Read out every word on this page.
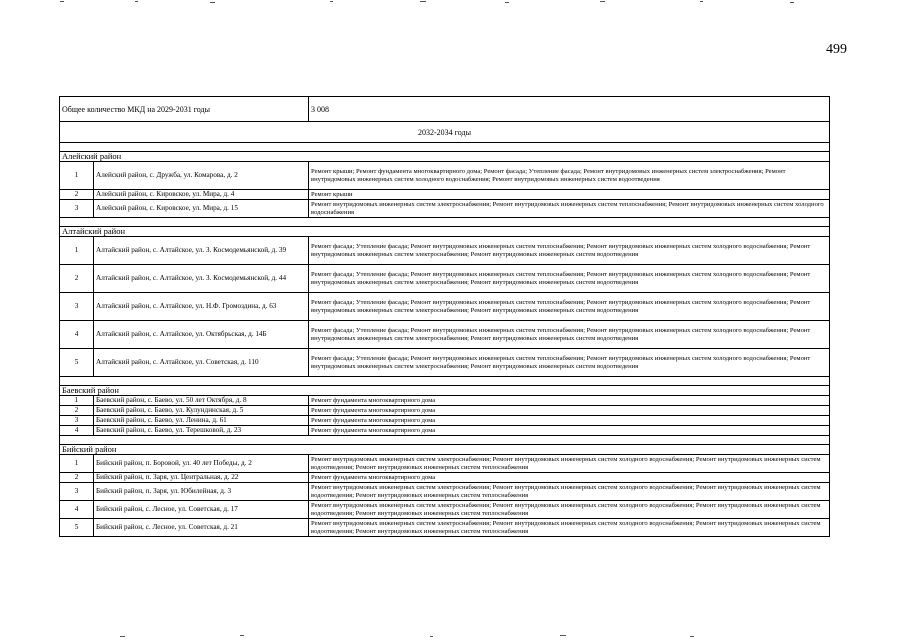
499
Общее количество МКД на 2029-2031 годы		3 008
2032-2034 годы		

Алейский район		
1	Алейский район, с. Дружба, ул. Комарова, д. 2	Ремонт крыши; Ремонт фундамента многоквартирного дома; Ремонт фасада; Утепление фасада; Ремонт внутридомовых инженерных систем электроснабжения; Ремонт внутридомовых инженерных систем холодного водоснабжения; Ремонт внутридомовых инженерных систем водоотведения
2	Алейский район, с. Кировское, ул. Мира, д. 4	Ремонт крыши
3	Алейский район, с. Кировское, ул. Мира, д. 15	Ремонт внутридомовых инженерных систем электроснабжения; Ремонт внутридомовых инженерных систем теплоснабжения; Ремонт внутридомовых инженерных систем холодного водоснабжения

Алтайский район		
1	Алтайский район, с. Алтайское, ул. З. Космодемьянской, д. 39	Ремонт фасада; Утепление фасада; Ремонт внутридомовых инженерных систем теплоснабжения; Ремонт внутридомовых инженерных систем холодного водоснабжения; Ремонт внутридомовых инженерных систем электроснабжения; Ремонт внутридомовых инженерных систем водоотведения
2	Алтайский район, с. Алтайское, ул. З. Космодемьянской, д. 44	Ремонт фасада; Утепление фасада; Ремонт внутридомовых инженерных систем теплоснабжения; Ремонт внутридомовых инженерных систем холодного водоснабжения; Ремонт внутридомовых инженерных систем электроснабжения; Ремонт внутридомовых инженерных систем водоотведения
3	Алтайский район, с. Алтайское, ул. Н.Ф. Громоздина, д. 63	Ремонт фасада; Утепление фасада; Ремонт внутридомовых инженерных систем теплоснабжения; Ремонт внутридомовых инженерных систем холодного водоснабжения; Ремонт внутридомовых инженерных систем электроснабжения; Ремонт внутридомовых инженерных систем водоотведения
4	Алтайский район, с. Алтайское, ул. Октябрьская, д. 14Б	Ремонт фасада; Утепление фасада; Ремонт внутридомовых инженерных систем теплоснабжения; Ремонт внутридомовых инженерных систем холодного водоснабжения; Ремонт внутридомовых инженерных систем электроснабжения; Ремонт внутридомовых инженерных систем водоотведения
5	Алтайский район, с. Алтайское, ул. Советская, д. 110	Ремонт фасада; Утепление фасада; Ремонт внутридомовых инженерных систем теплоснабжения; Ремонт внутридомовых инженерных систем холодного водоснабжения; Ремонт внутридомовых инженерных систем электроснабжения; Ремонт внутридомовых инженерных систем водоотведения

Баевский район		
1	Баевский район, с. Баево, ул. 50 лет Октября, д. 8	Ремонт фундамента многоквартирного дома
2	Баевский район, с. Баево, ул. Кулундинская, д. 5	Ремонт фундамента многоквартирного дома
3	Баевский район, с. Баево, ул. Ленина, д. 61	Ремонт фундамента многоквартирного дома
4	Баевский район, с. Баево, ул. Терешковой, д. 23	Ремонт фундамента многоквартирного дома

Бийский район		
1	Бийский район, п. Боровой, ул. 40 лет Победы, д. 2	Ремонт внутридомовых инженерных систем электроснабжения; Ремонт внутридомовых инженерных систем холодного водоснабжения; Ремонт внутридомовых инженерных систем водоотведения; Ремонт внутридомовых инженерных систем теплоснабжения
2	Бийский район, п. Заря, ул. Центральная, д. 22	Ремонт фундамента многоквартирного дома
3	Бийский район, п. Заря, ул. Юбилейная, д. 3	Ремонт внутридомовых инженерных систем электроснабжения; Ремонт внутридомовых инженерных систем холодного водоснабжения; Ремонт внутридомовых инженерных систем водоотведения; Ремонт внутридомовых инженерных систем теплоснабжения
4	Бийский район, с. Лесное, ул. Советская, д. 17	Ремонт внутридомовых инженерных систем электроснабжения; Ремонт внутридомовых инженерных систем холодного водоснабжения; Ремонт внутридомовых инженерных систем водоотведения; Ремонт внутридомовых инженерных систем теплоснабжения
5	Бийский район, с. Лесное, ул. Советская, д. 21	Ремонт внутридомовых инженерных систем электроснабжения; Ремонт внутридомовых инженерных систем холодного водоснабжения; Ремонт внутридомовых инженерных систем водоотведения; Ремонт внутридомовых инженерных систем теплоснабжения
